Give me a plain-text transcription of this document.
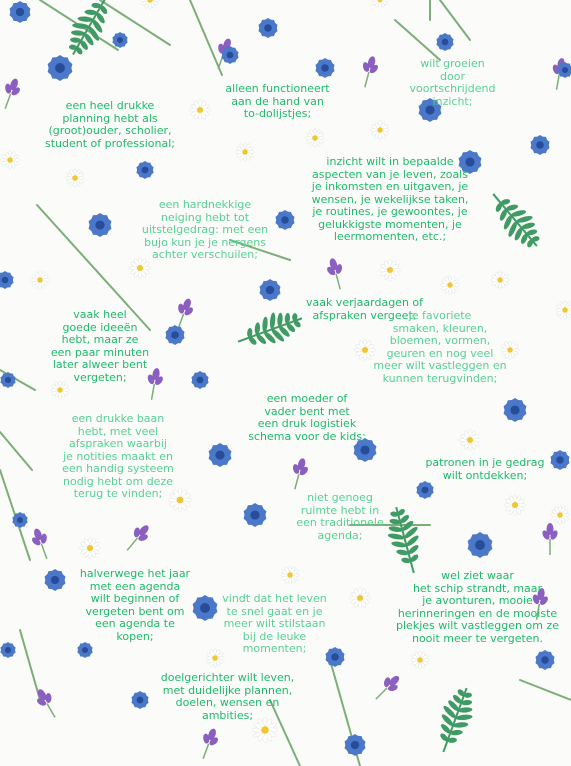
een heel drukke
planning hebt als
(groot)ouder, scholier,
student of professional;

alleen functioneert
aan de hand van
to-dolijstjes;

wilt groeien
door
voortschrijdend
inzicht;

inzicht wilt in bepaalde
aspecten van je leven, zoals
je inkomsten en uitgaven, je
wensen, je wekelijkse taken,
je routines, je gewoontes, je
gelukkigste momenten, je
leermomenten, etc.;

een hardnekkige
neiging hebt tot
uitstelgedrag: met een
bujo kun je je nergens
achter verschuilen;

vaak verjaardagen of
afspraken vergeet;

vaak heel
goede ideeën
hebt, maar ze
een paar minuten
later alweer bent
vergeten;

je favoriete
smaken, kleuren,
bloemen, vormen,
geuren en nog veel
meer wilt vastleggen en
kunnen terugvinden;

een moeder of
vader bent met
een druk logistiek
schema voor de kids;

een drukke baan
hebt, met veel
afspraken waarbij
je notities maakt en
een handig systeem
nodig hebt om deze
terug te vinden;

patronen in je gedrag
wilt ontdekken;

niet genoeg
ruimte hebt in
een traditionele
agenda;

halverwege het jaar
met een agenda
wilt beginnen of
vergeten bent om
een agenda te
kopen;

vindt dat het leven
te snel gaat en je
meer wilt stilstaan
bij de leuke
momenten;

wel ziet waar
het schip strandt, maar
je avonturen, mooie
herinneringen en de mooiste
plekjes wilt vastleggen om ze
nooit meer te vergeten.

doelgerichter wilt leven,
met duidelijke plannen,
doelen, wensen en
ambities;
